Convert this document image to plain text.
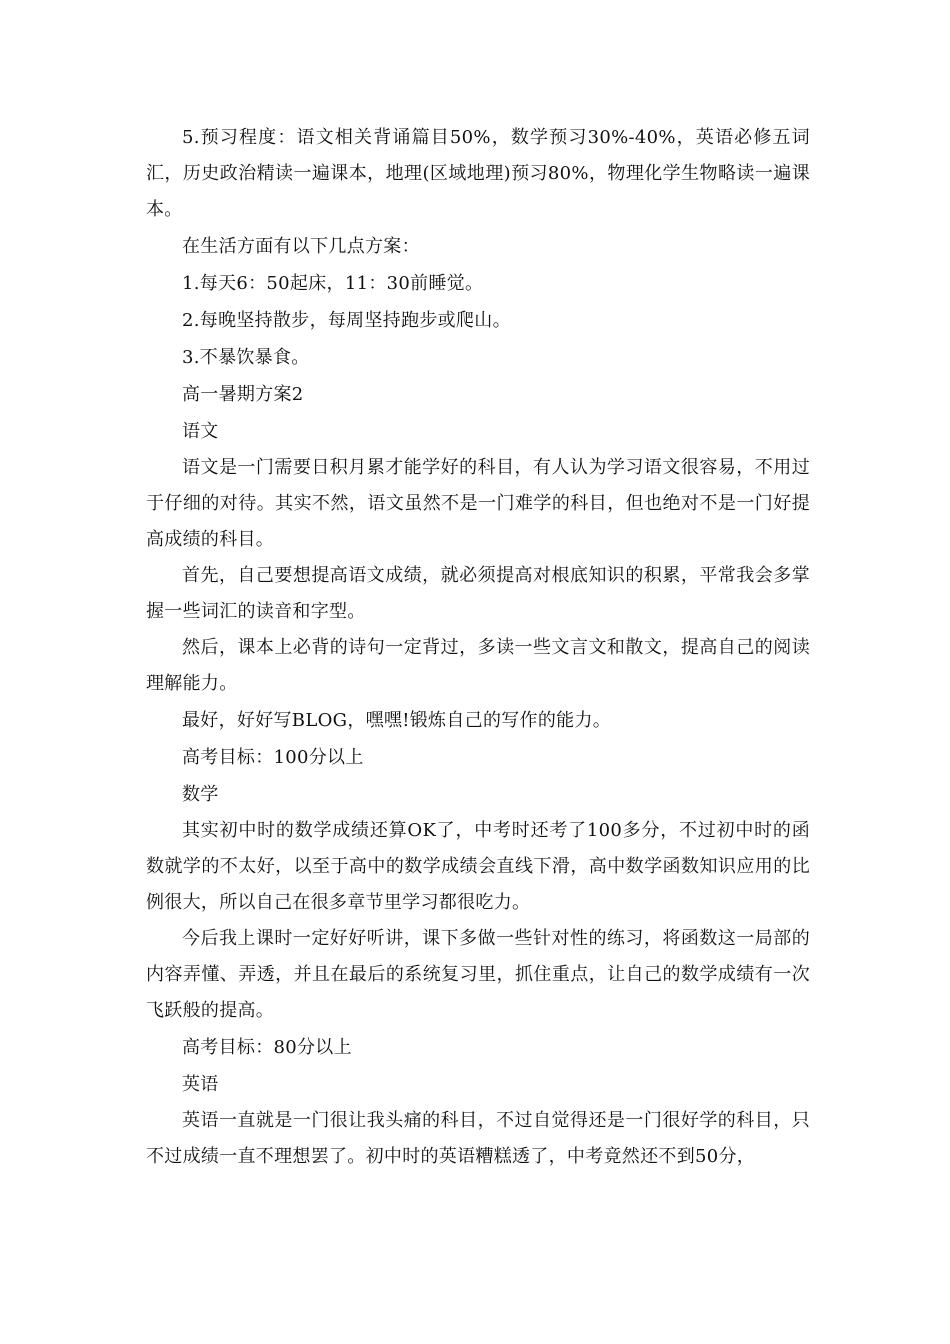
5.预习程度：语文相关背诵篇目50%，数学预习30%-40%，英语必修五词汇，历史政治精读一遍课本，地理(区域地理)预习80%，物理化学生物略读一遍课本。

在生活方面有以下几点方案：

1.每天6：50起床，11：30前睡觉。

2.每晚坚持散步，每周坚持跑步或爬山。

3.不暴饮暴食。

高一暑期方案2

语文

语文是一门需要日积月累才能学好的科目，有人认为学习语文很容易，不用过于仔细的对待。其实不然，语文虽然不是一门难学的科目，但也绝对不是一门好提高成绩的科目。

首先，自己要想提高语文成绩，就必须提高对根底知识的积累，平常我会多掌握一些词汇的读音和字型。

然后，课本上必背的诗句一定背过，多读一些文言文和散文，提高自己的阅读理解能力。

最好，好好写BLOG，嘿嘿!锻炼自己的写作的能力。

高考目标：100分以上

数学

其实初中时的数学成绩还算OK了，中考时还考了100多分，不过初中时的函数就学的不太好，以至于高中的数学成绩会直线下滑，高中数学函数知识应用的比例很大，所以自己在很多章节里学习都很吃力。

今后我上课时一定好好听讲，课下多做一些针对性的练习，将函数这一局部的内容弄懂、弄透，并且在最后的系统复习里，抓住重点，让自己的数学成绩有一次飞跃般的提高。

高考目标：80分以上

英语

英语一直就是一门很让我头痛的科目，不过自觉得还是一门很好学的科目，只不过成绩一直不理想罢了。初中时的英语糟糕透了，中考竟然还不到50分，
